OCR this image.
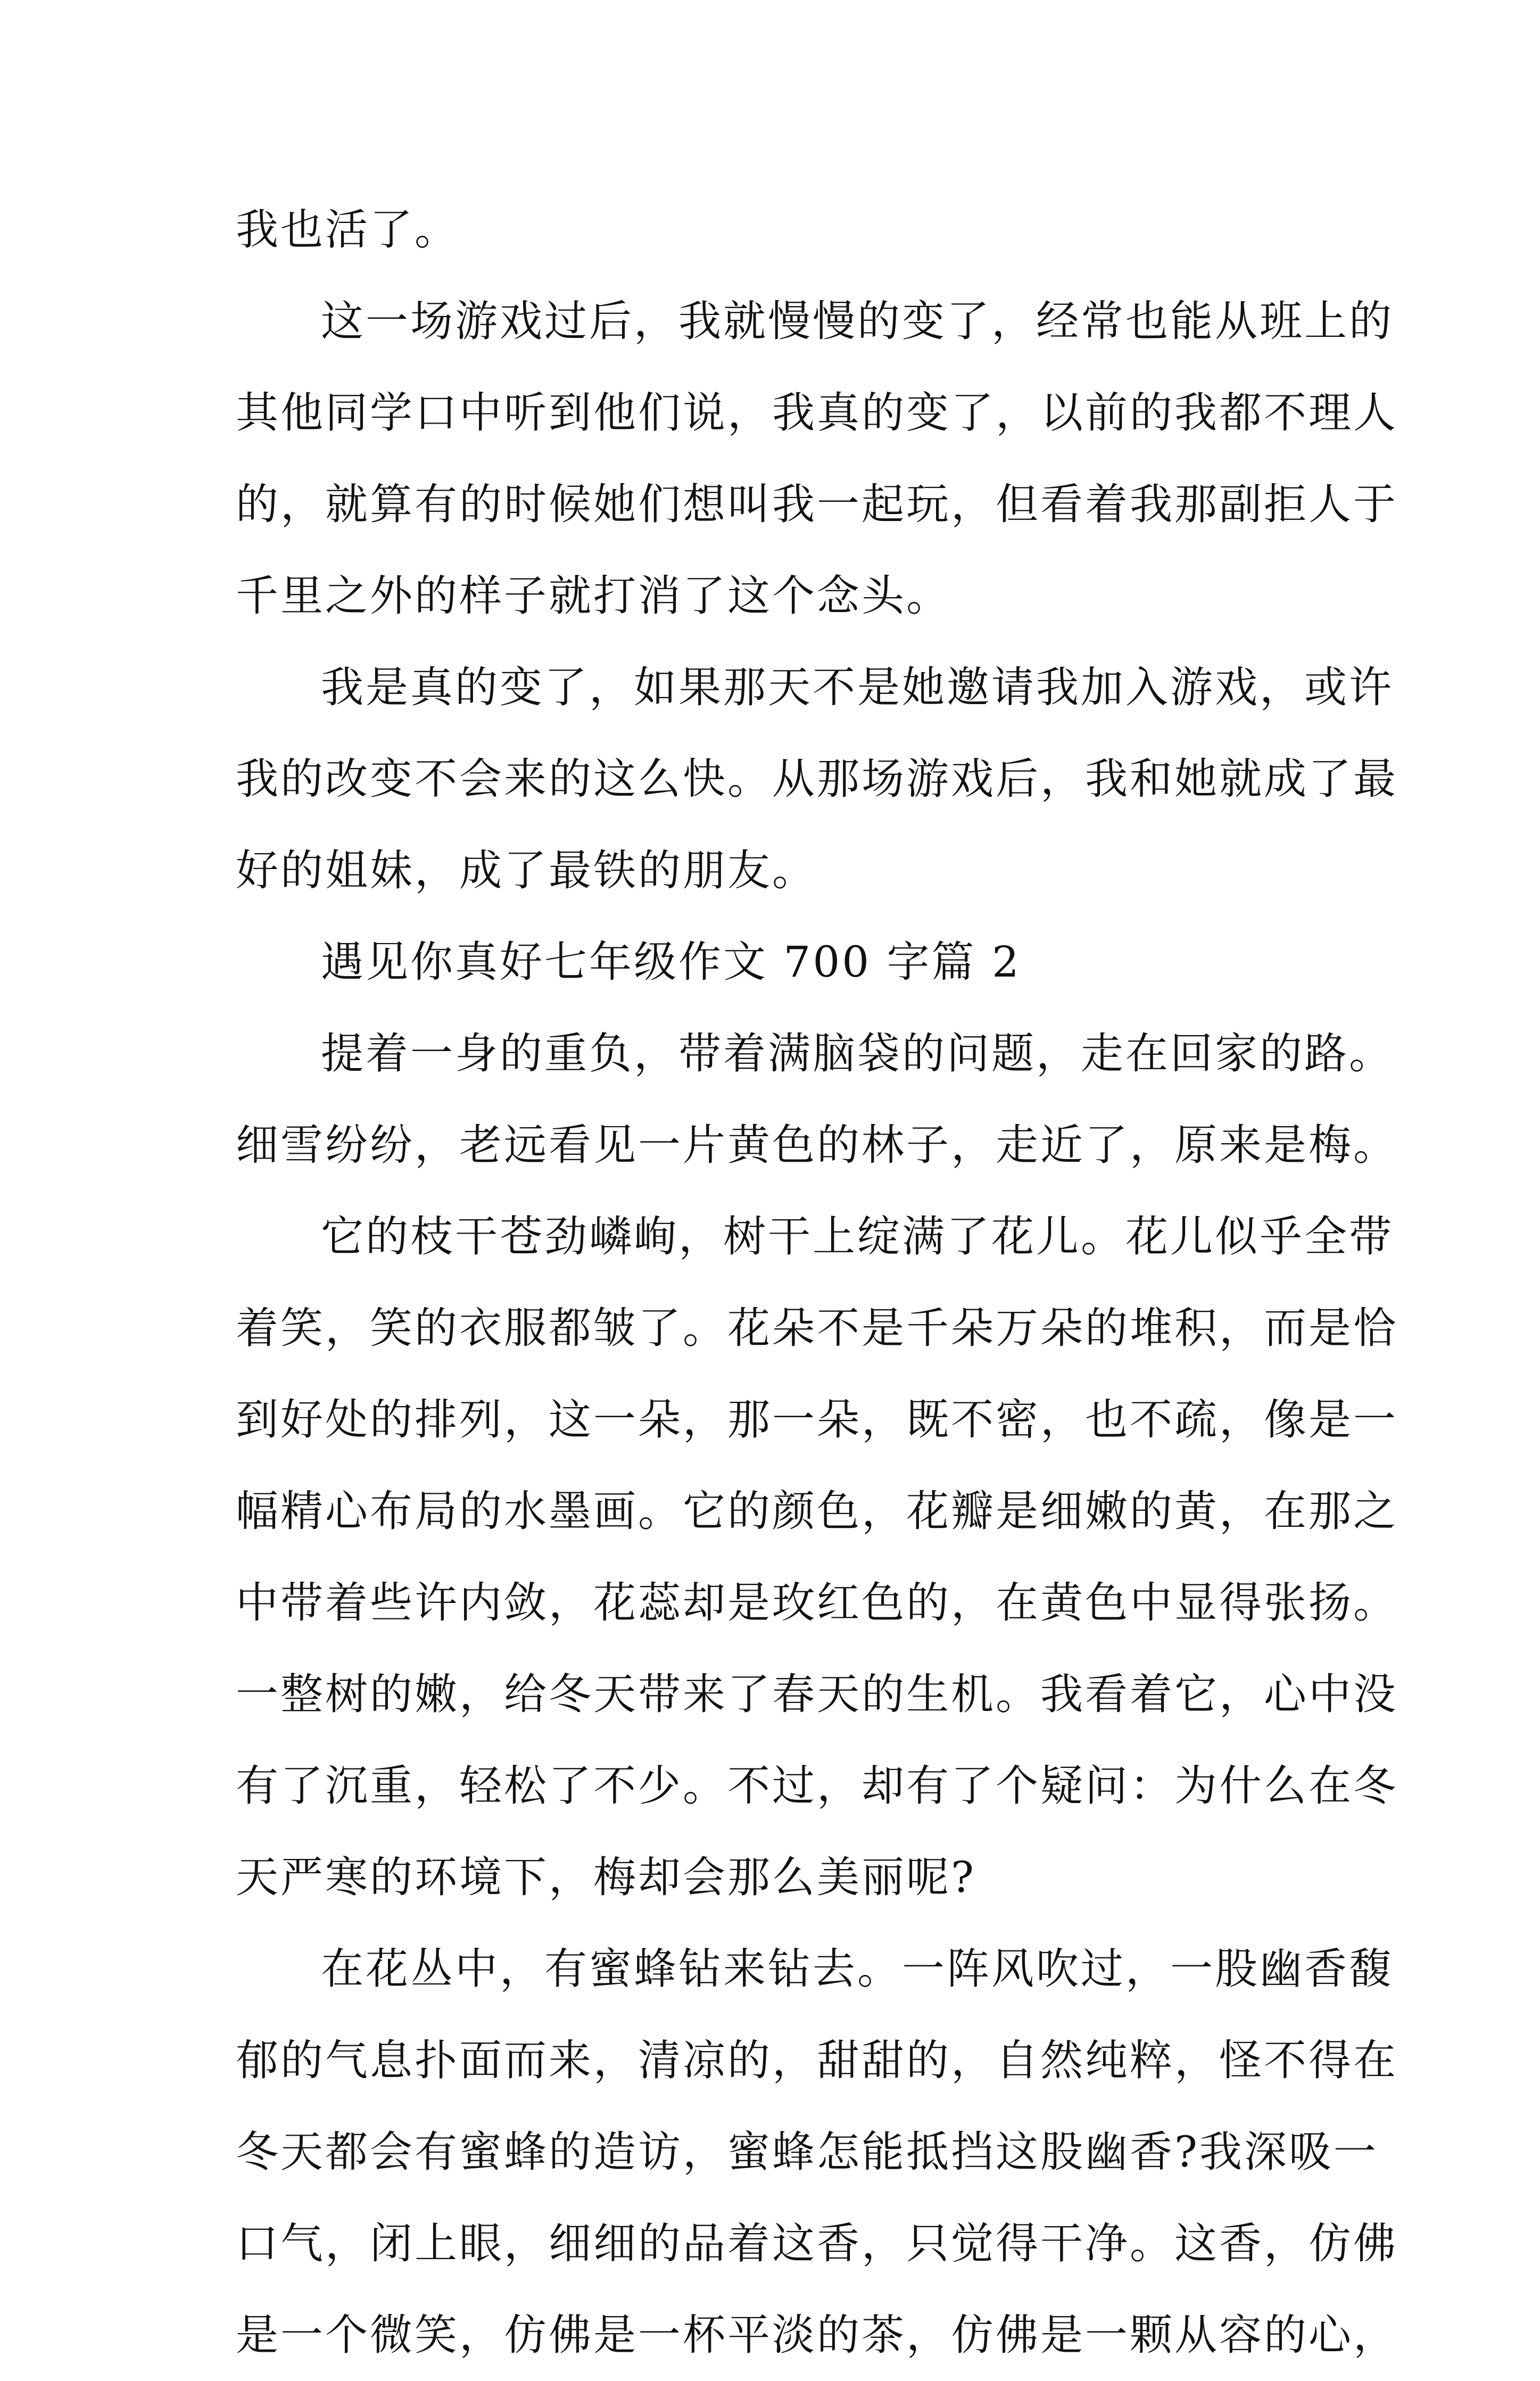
我也活了。
这一场游戏过后，我就慢慢的变了，经常也能从班上的
其他同学口中听到他们说，我真的变了，以前的我都不理人
的，就算有的时候她们想叫我一起玩，但看着我那副拒人于
千里之外的样子就打消了这个念头。
我是真的变了，如果那天不是她邀请我加入游戏，或许
我的改变不会来的这么快。从那场游戏后，我和她就成了最
好的姐妹，成了最铁的朋友。
遇见你真好七年级作文 700 字篇 2
提着一身的重负，带着满脑袋的问题，走在回家的路。
细雪纷纷，老远看见一片黄色的林子，走近了，原来是梅。
它的枝干苍劲嶙峋，树干上绽满了花儿。花儿似乎全带
着笑，笑的衣服都皱了。花朵不是千朵万朵的堆积，而是恰
到好处的排列，这一朵，那一朵，既不密，也不疏，像是一
幅精心布局的水墨画。它的颜色，花瓣是细嫩的黄，在那之
中带着些许内敛，花蕊却是玫红色的，在黄色中显得张扬。
一整树的嫩，给冬天带来了春天的生机。我看着它，心中没
有了沉重，轻松了不少。不过，却有了个疑问：为什么在冬
天严寒的环境下，梅却会那么美丽呢?
在花丛中，有蜜蜂钻来钻去。一阵风吹过，一股幽香馥
郁的气息扑面而来，清凉的，甜甜的，自然纯粹，怪不得在
冬天都会有蜜蜂的造访，蜜蜂怎能抵挡这股幽香?我深吸一
口气，闭上眼，细细的品着这香，只觉得干净。这香，仿佛
是一个微笑，仿佛是一杯平淡的茶，仿佛是一颗从容的心，
